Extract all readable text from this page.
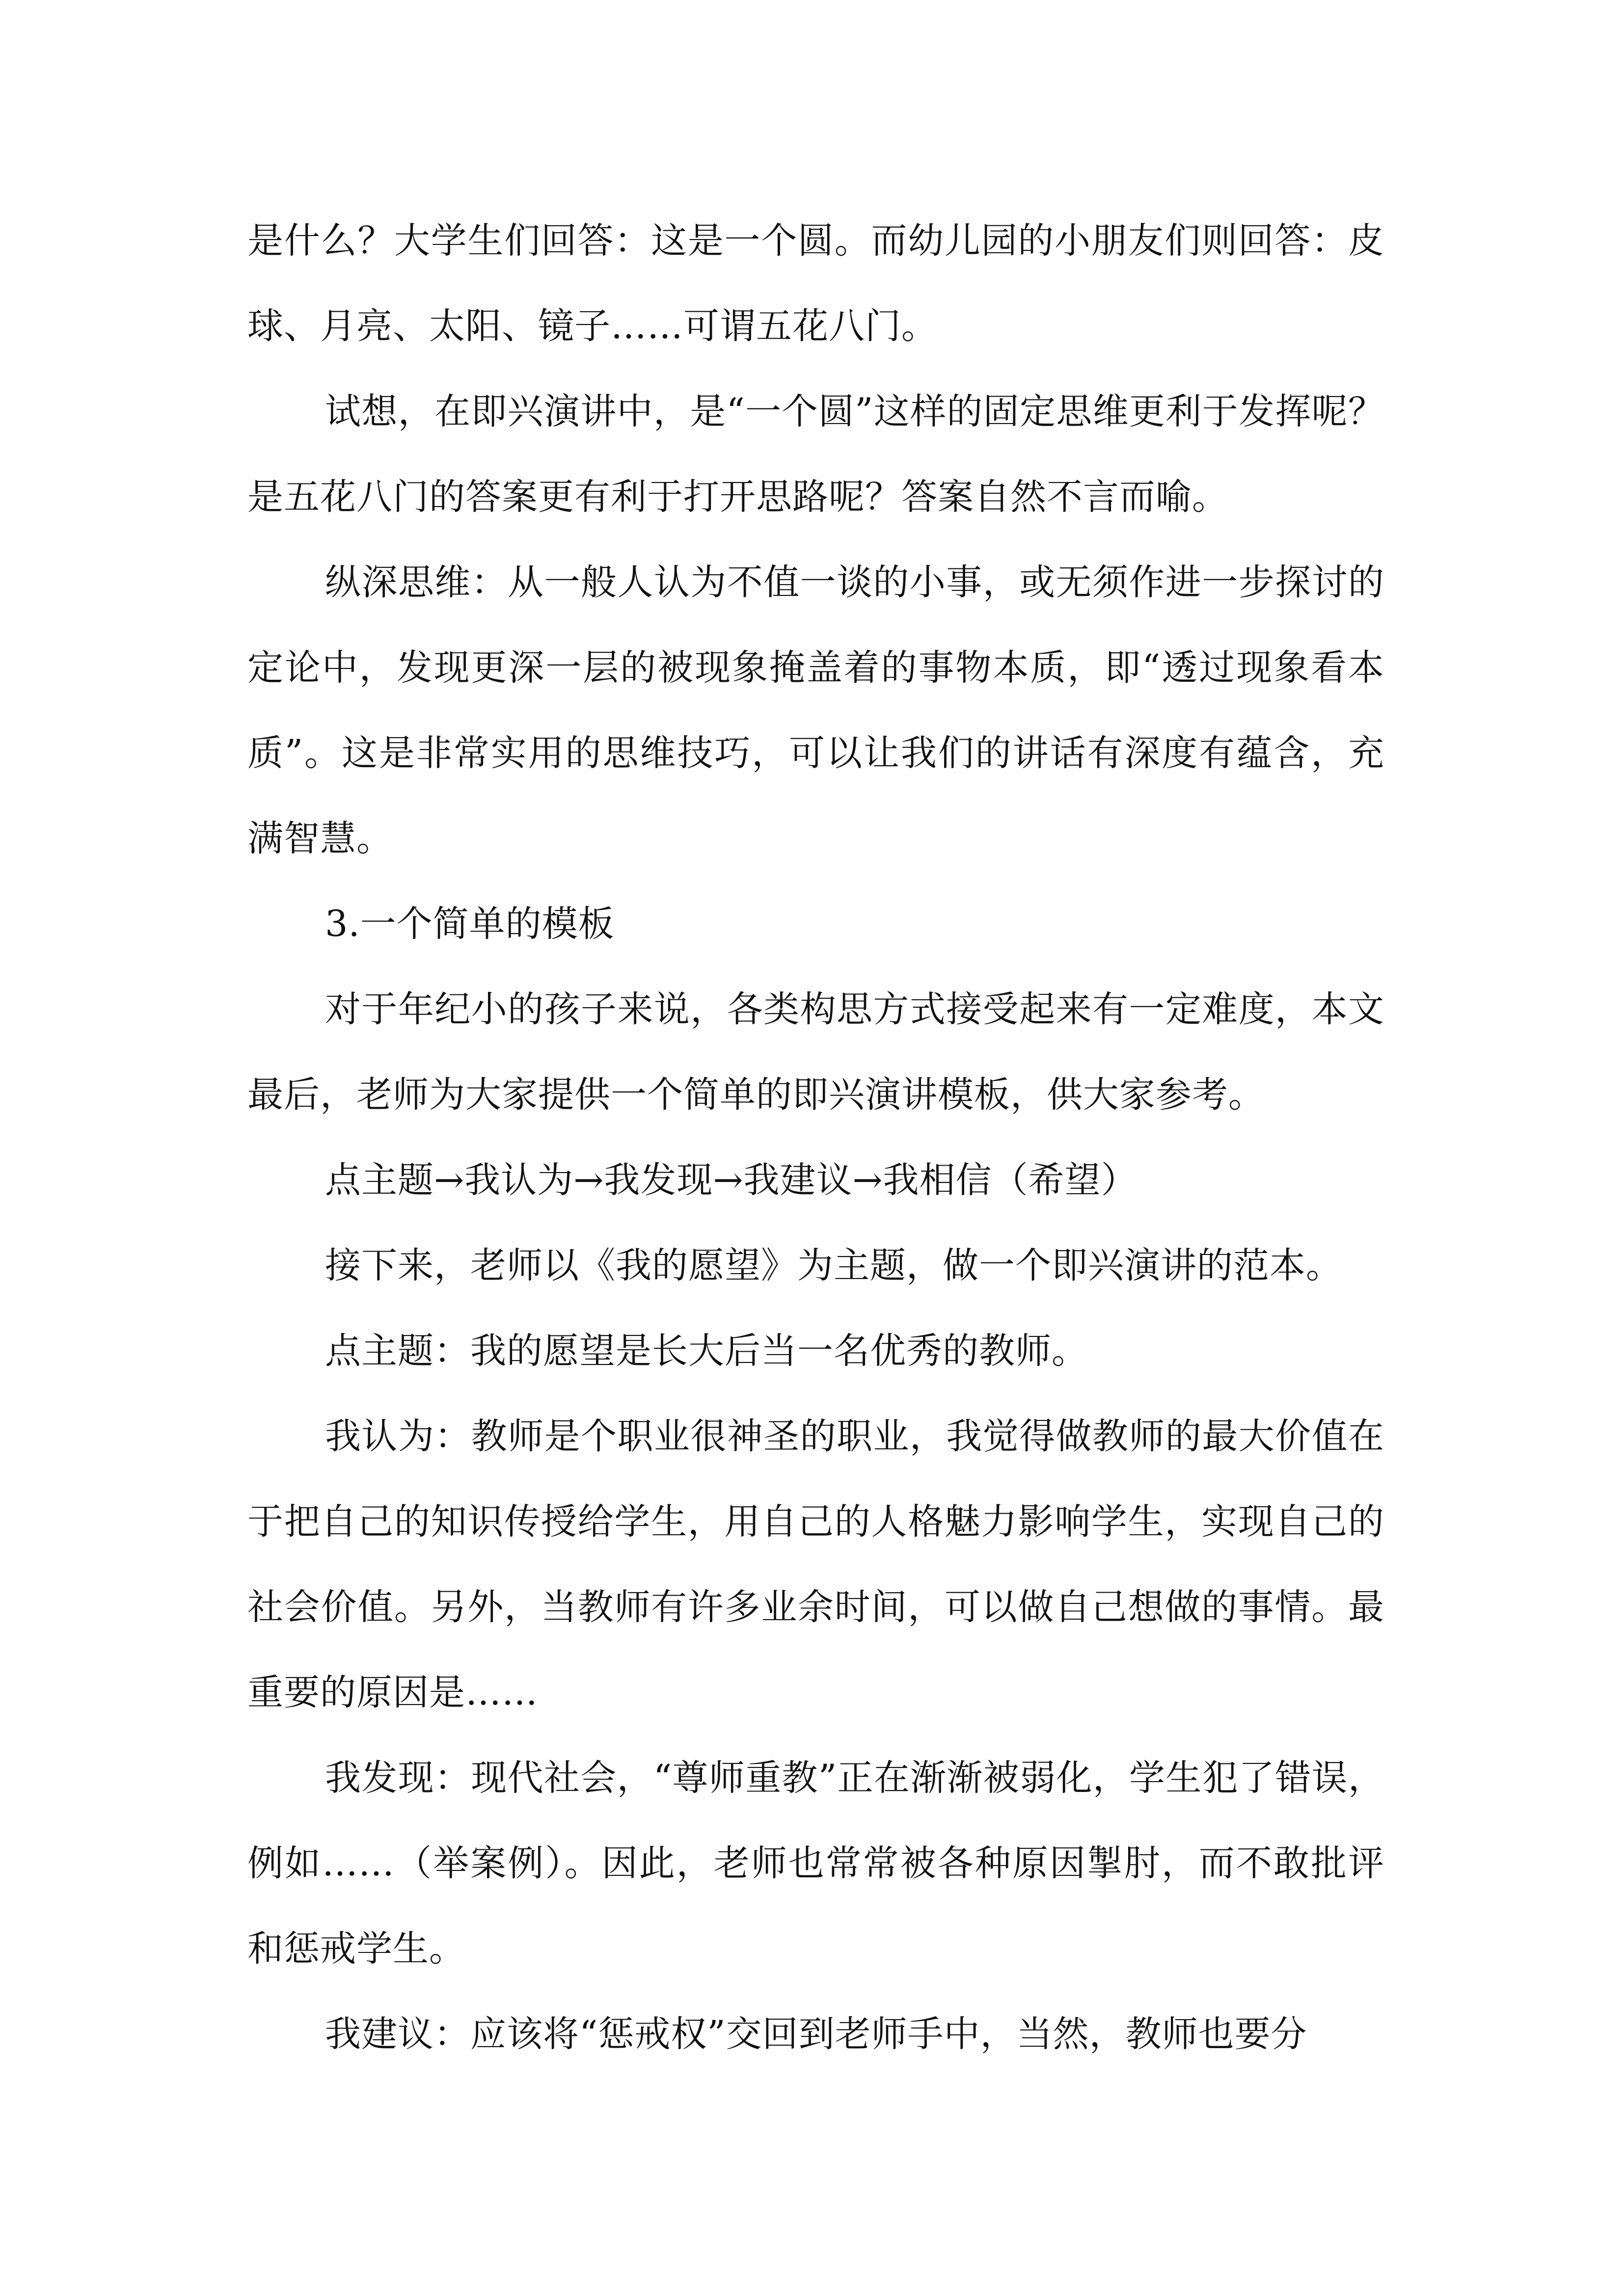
是什么？大学生们回答：这是一个圆。而幼儿园的小朋友们则回答：皮球、月亮、太阳、镜子……可谓五花八门。

试想，在即兴演讲中，是“一个圆”这样的固定思维更利于发挥呢？是五花八门的答案更有利于打开思路呢？答案自然不言而喻。

纵深思维：从一般人认为不值一谈的小事，或无须作进一步探讨的定论中，发现更深一层的被现象掩盖着的事物本质，即“透过现象看本质”。这是非常实用的思维技巧，可以让我们的讲话有深度有蕴含，充满智慧。

3.一个简单的模板

对于年纪小的孩子来说，各类构思方式接受起来有一定难度，本文最后，老师为大家提供一个简单的即兴演讲模板，供大家参考。

点主题→我认为→我发现→我建议→我相信（希望）

接下来，老师以《我的愿望》为主题，做一个即兴演讲的范本。

点主题：我的愿望是长大后当一名优秀的教师。

我认为：教师是个职业很神圣的职业，我觉得做教师的最大价值在于把自己的知识传授给学生，用自己的人格魅力影响学生，实现自己的社会价值。另外，当教师有许多业余时间，可以做自己想做的事情。最重要的原因是……

我发现：现代社会，“尊师重教”正在渐渐被弱化，学生犯了错误，例如……（举案例）。因此，老师也常常被各种原因掣肘，而不敢批评和惩戒学生。

我建议：应该将“惩戒权”交回到老师手中，当然，教师也要分
